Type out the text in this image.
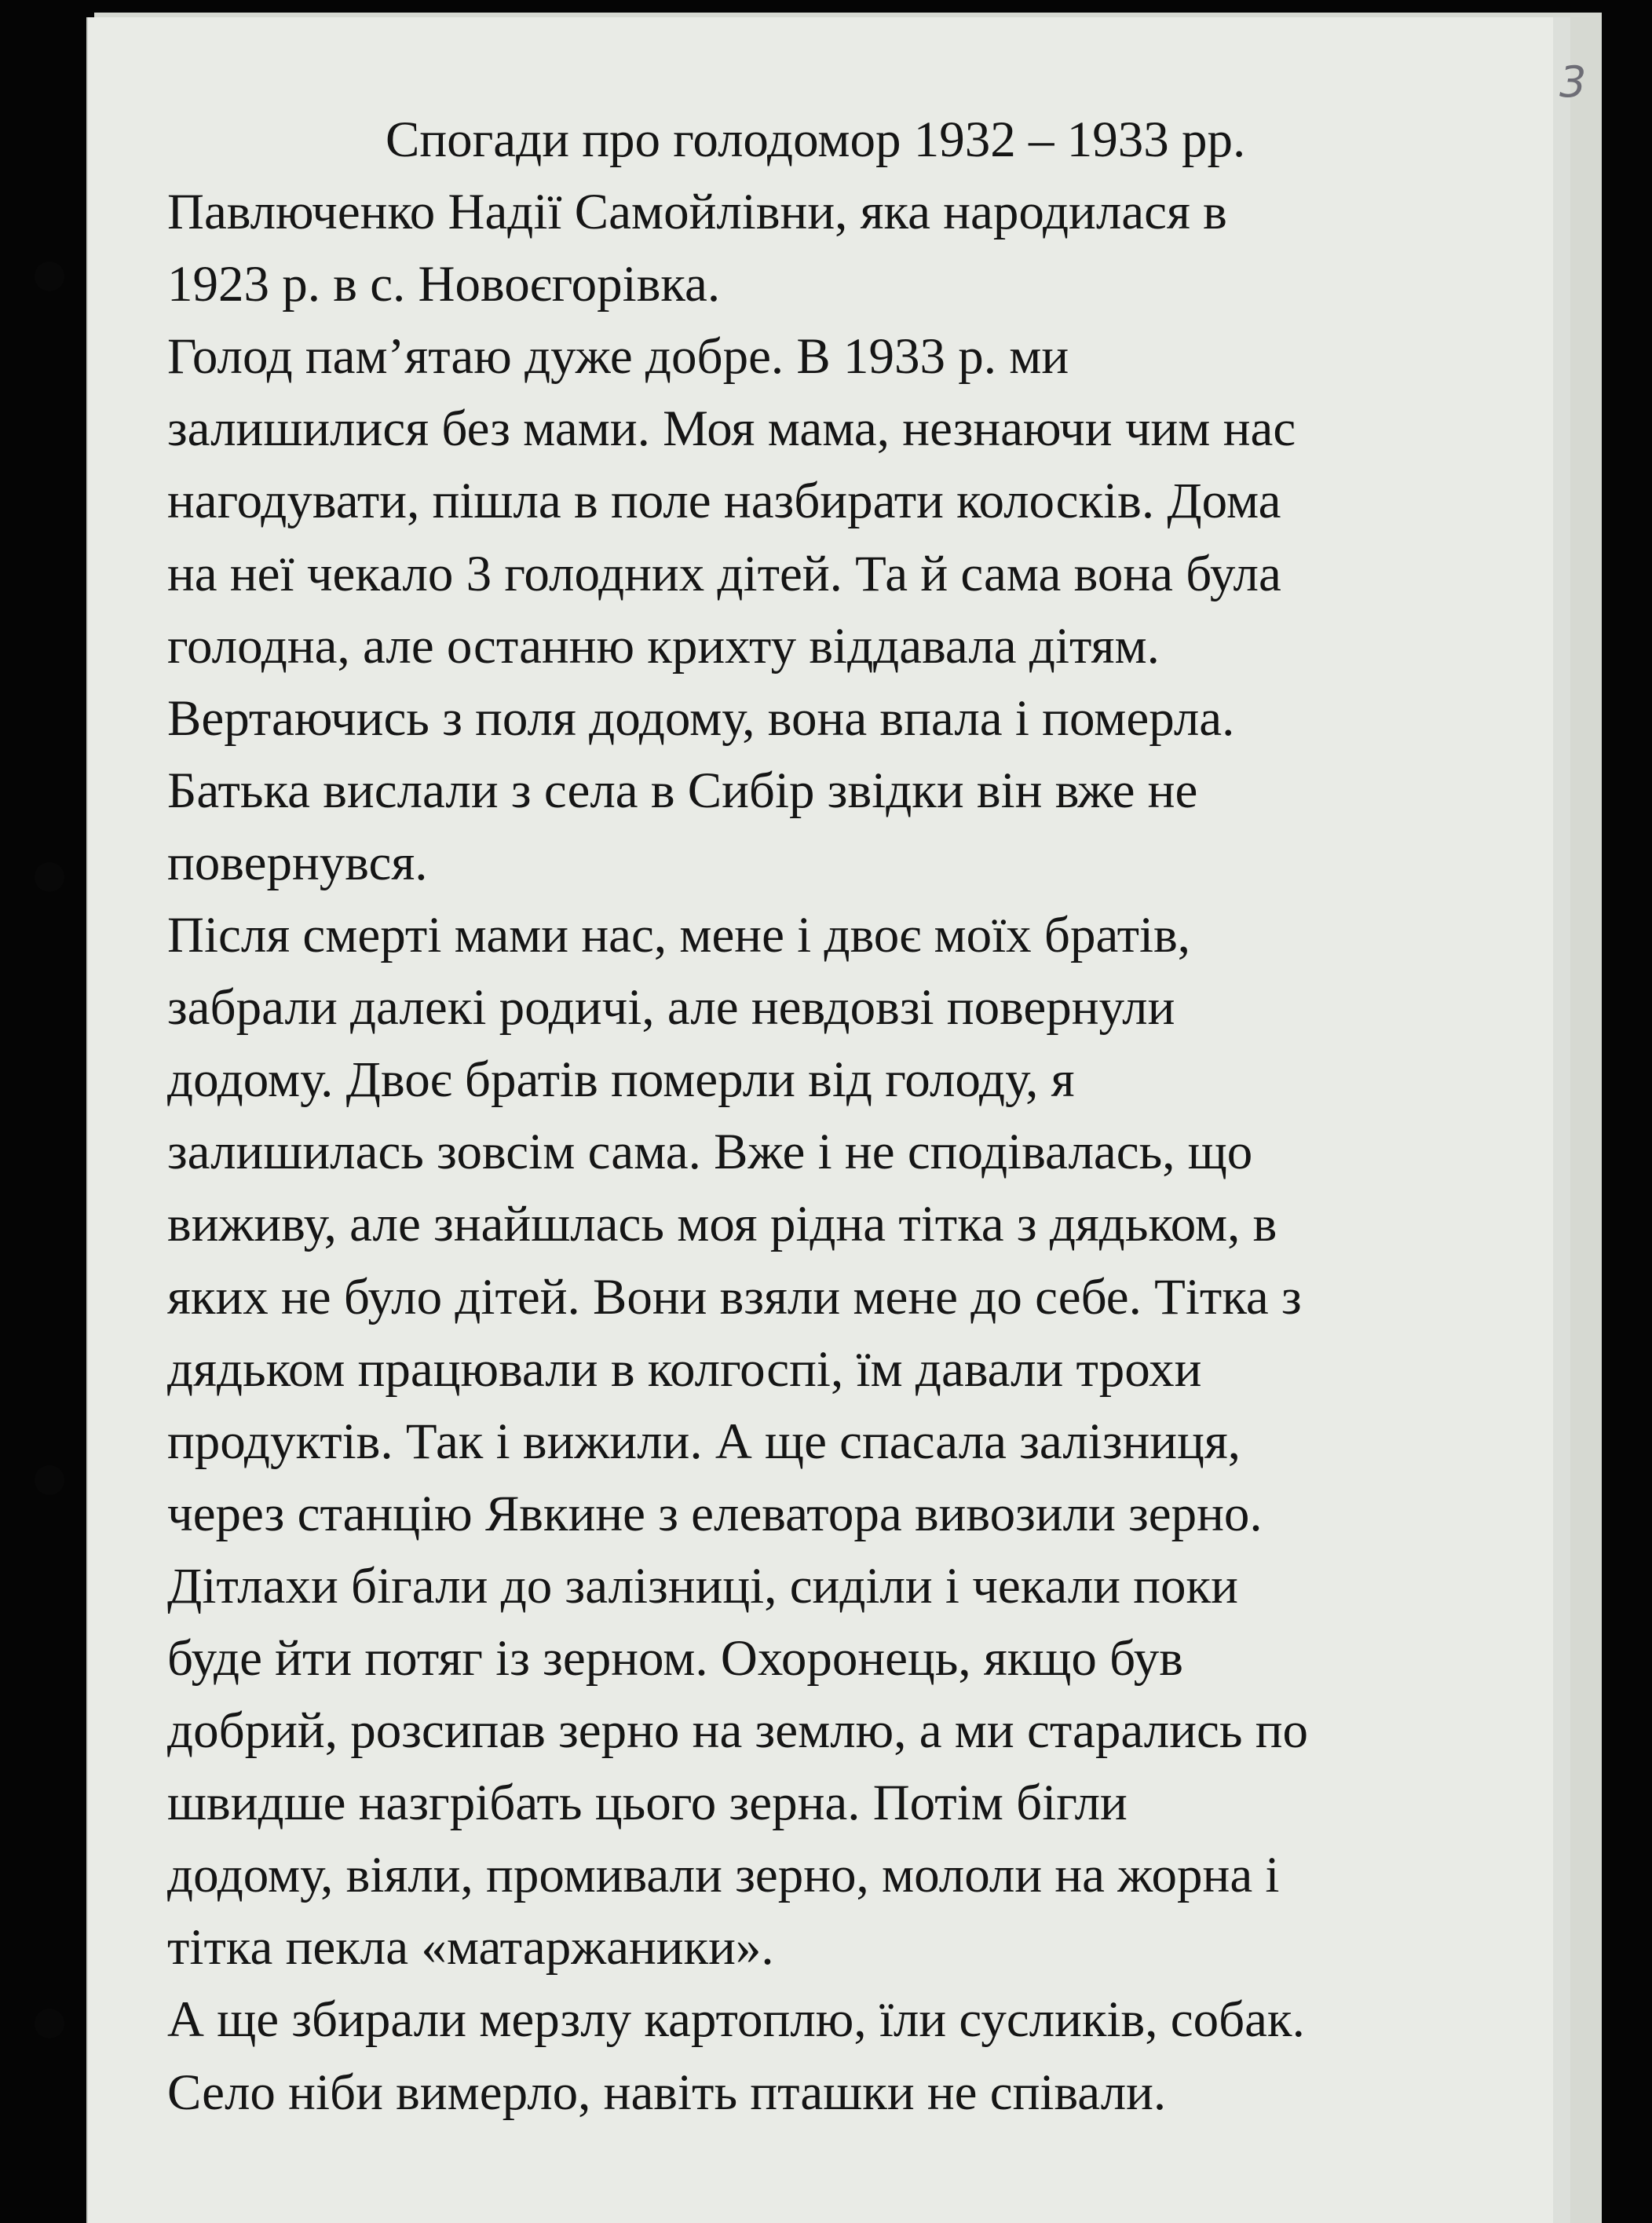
3
Спогади про голодомор 1932 – 1933 рр.
Павлюченко Надії Самойлівни, яка народилася в
1923 р. в с. Новоєгорівка.
Голод пам’ятаю дуже добре. В 1933 р. ми
залишилися без мами. Моя мама, незнаючи чим нас
нагодувати, пішла в поле назбирати колосків. Дома
на неї чекало 3 голодних дітей. Та й сама вона була
голодна, але останню крихту віддавала дітям.
Вертаючись з поля додому, вона впала і померла.
Батька вислали з села в Сибір звідки він вже не
повернувся.
Після смерті мами нас, мене і двоє моїх братів,
забрали далекі родичі, але невдовзі повернули
додому. Двоє братів померли від голоду, я
залишилась зовсім сама. Вже і не сподівалась, що
виживу, але знайшлась моя рідна тітка з дядьком, в
яких не було дітей. Вони взяли мене до себе. Тітка з
дядьком працювали в колгоспі, їм давали трохи
продуктів. Так і вижили. А ще спасала залізниця,
через станцію Явкине з елеватора вивозили зерно.
Дітлахи бігали до залізниці, сиділи і чекали поки
буде йти потяг із зерном. Охоронець, якщо був
добрий, розсипав зерно на землю, а ми старались по
швидше назгрібать цього зерна. Потім бігли
додому, віяли, промивали зерно, мололи на жорна і
тітка пекла «матаржаники».
А ще збирали мерзлу картоплю, їли сусликів, собак.
Село ніби вимерло, навіть пташки не співали.
